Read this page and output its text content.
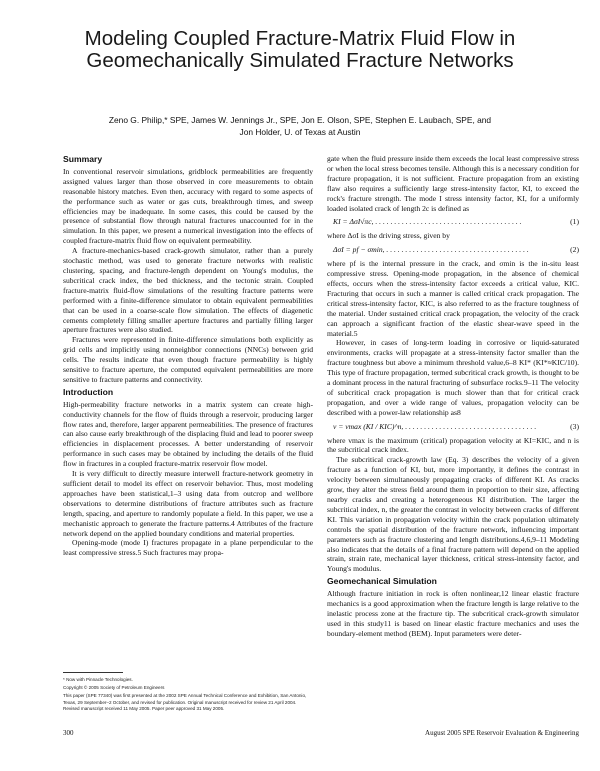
Modeling Coupled Fracture-Matrix Fluid Flow in Geomechanically Simulated Fracture Networks
Zeno G. Philip,* SPE, James W. Jennings Jr., SPE, Jon E. Olson, SPE, Stephen E. Laubach, SPE, and
Jon Holder, U. of Texas at Austin
Summary

In conventional reservoir simulations, gridblock permeabilities are frequently assigned values larger than those observed in core measurements to obtain reasonable history matches. Even then, accuracy with regard to some aspects of the performance such as water or gas cuts, breakthrough times, and sweep efficiencies may be inadequate. In some cases, this could be caused by the presence of substantial flow through natural fractures unaccounted for in the simulation. In this paper, we present a numerical investigation into the effects of coupled fracture-matrix fluid flow on equivalent permeability.

A fracture-mechanics-based crack-growth simulator, rather than a purely stochastic method, was used to generate fracture networks with realistic clustering, spacing, and fracture-length dependent on Young's modulus, the subcritical crack index, the bed thickness, and the tectonic strain. Coupled fracture-matrix fluid-flow simulations of the resulting fracture patterns were performed with a finite-difference simulator to obtain equivalent permeabilities that can be used in a coarse-scale flow simulation. The effects of diagenetic cements completely filling smaller aperture fractures and partially filling larger aperture fractures were also studied.

Fractures were represented in finite-difference simulations both explicitly as grid cells and implicitly using nonneighbor connections (NNCs) between grid cells. The results indicate that even though fracture permeability is highly sensitive to fracture aperture, the computed equivalent permeabilities are more sensitive to fracture patterns and connectivity.

Introduction

High-permeability fracture networks in a matrix system can create high-conductivity channels for the flow of fluids through a reservoir, producing larger flow rates and, therefore, larger apparent permeabilities. The presence of fractures can also cause early breakthrough of the displacing fluid and lead to poorer sweep efficiencies in displacement processes. A better understanding of reservoir performance in such cases may be obtained by including the details of the fluid flow in fractures in a coupled fracture-matrix reservoir flow model.

It is very difficult to directly measure interwell fracture-network geometry in sufficient detail to model its effect on reservoir behavior. Thus, most modeling approaches have been statistical,1–3 using data from outcrop and wellbore observations to determine distributions of fracture attributes such as fracture length, spacing, and aperture to randomly populate a field. In this paper, we use a mechanistic approach to generate the fracture patterns.4 Attributes of the fracture network depend on the applied boundary conditions and material properties.

Opening-mode (mode I) fractures propagate in a plane perpendicular to the least compressive stress.5 Such fractures may propa-

gate when the fluid pressure inside them exceeds the local least compressive stress or when the local stress becomes tensile. Although this is a necessary condition for fracture propagation, it is not sufficient. Fracture propagation from an existing flaw also requires a sufficiently large stress-intensity factor, KI, to exceed the rock's fracture strength. The mode I stress intensity factor, KI, for a uniformly loaded isolated crack of length 2c is defined as

KI = ΔσI√πc, . . . . . . . . . . . . . . . . . . . . . . . . . . . . . . . . . . . . . . .	(1)

where ΔσI is the driving stress, given by

ΔσI = pf − σmin, . . . . . . . . . . . . . . . . . . . . . . . . . . . . . . . . . . . . . .	(2)

where pf is the internal pressure in the crack, and σmin is the in-situ least compressive stress. Opening-mode propagation, in the absence of chemical effects, occurs when the stress-intensity factor exceeds a critical value, KIC. Fracturing that occurs in such a manner is called critical crack propagation. The critical stress-intensity factor, KIC, is also referred to as the fracture toughness of the material. Under sustained critical crack propagation, the velocity of the crack can approach a significant fraction of the elastic shear-wave speed in the material.5

However, in cases of long-term loading in corrosive or liquid-saturated environments, cracks will propagate at a stress-intensity factor smaller than the fracture toughness but above a minimum threshold value,6–8 KI* (KI*≈KIC/10). This type of fracture propagation, termed subcritical crack growth, is thought to be a dominant process in the natural fracturing of subsurface rocks.9–11 The velocity of subcritical crack propagation is much slower than that for critical crack propagation, and over a wide range of values, propagation velocity can be described with a power-law relationship as8

v = vmax (KI / KIC)^n, . . . . . . . . . . . . . . . . . . . . . . . . . . . . . . . . . . .	(3)

where vmax is the maximum (critical) propagation velocity at KI=KIC, and n is the subcritical crack index.

The subcritical crack-growth law (Eq. 3) describes the velocity of a given fracture as a function of KI, but, more importantly, it defines the contrast in velocity between simultaneously propagating cracks of different KI. As cracks grow, they alter the stress field around them in proportion to their size, affecting nearby cracks and creating a heterogeneous KI distribution. The larger the subcritical index, n, the greater the contrast in velocity between cracks of different KI. This variation in propagation velocity within the crack population ultimately controls the spatial distribution of the fracture network, influencing important parameters such as fracture clustering and length distributions.4,6,9–11 Modeling also indicates that the details of a final fracture pattern will depend on the applied strain, strain rate, mechanical layer thickness, critical stress-intensity factor, and Young's modulus.

Geomechanical Simulation

Although fracture initiation in rock is often nonlinear,12 linear elastic fracture mechanics is a good approximation when the fracture length is large relative to the inelastic process zone at the fracture tip. The subcritical crack-growth simulator used in this study11 is based on linear elastic fracture mechanics and uses the boundary-element method (BEM). Input parameters were deter-

* Now with Pinnacle Technologies.

Copyright © 2005 Society of Petroleum Engineers

This paper (SPE 77340) was first presented at the 2002 SPE Annual Technical Conference and Exhibition, San Antonio, Texas, 29 September–2 October, and revised for publication. Original manuscript received for review 21 April 2004. Revised manuscript received 11 May 2005. Paper peer approved 31 May 2005.

300	August 2005 SPE Reservoir Evaluation & Engineering
